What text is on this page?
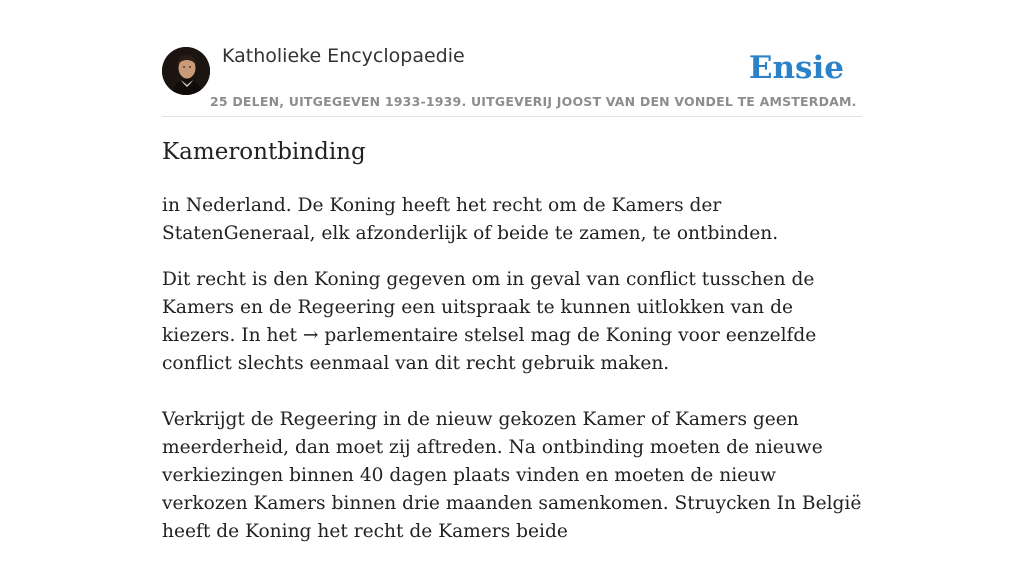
Katholieke Encyclopaedie
25 DELEN, UITGEGEVEN 1933-1939. UITGEVERIJ JOOST VAN DEN VONDEL TE AMSTERDAM.
Ensie
Kamerontbinding

in Nederland. De Koning heeft het recht om de Kamers der StatenGeneraal, elk afzonderlijk of beide te zamen, te ontbinden.

Dit recht is den Koning gegeven om in geval van conflict tusschen de Kamers en de Regeering een uitspraak te kunnen uitlokken van de kiezers. In het → parlementaire stelsel mag de Koning voor eenzelfde conflict slechts eenmaal van dit recht gebruik maken.

Verkrijgt de Regeering in de nieuw gekozen Kamer of Kamers geen meerderheid, dan moet zij aftreden. Na ontbinding moeten de nieuwe verkiezingen binnen 40 dagen plaats vinden en moeten de nieuw verkozen Kamers binnen drie maanden samenkomen. Struycken In België heeft de Koning het recht de Kamers beide
